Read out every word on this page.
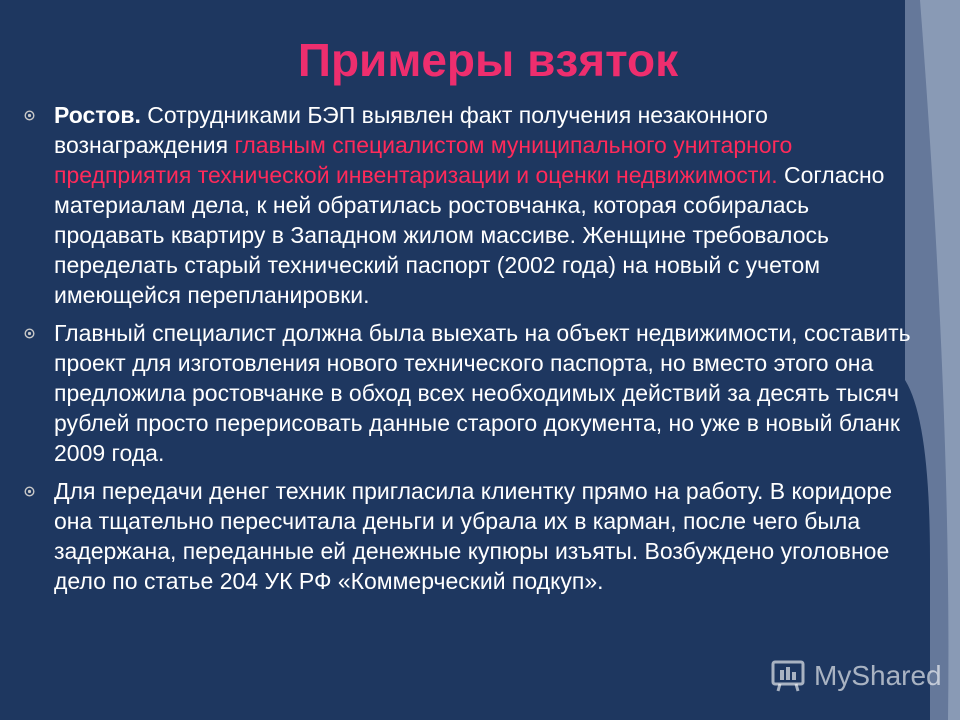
Примеры взяток
Ростов. Сотрудниками БЭП выявлен факт получения незаконного вознаграждения главным специалистом муниципального унитарного предприятия технической инвентаризации и оценки недвижимости. Согласно материалам дела, к ней обратилась ростовчанка, которая собиралась продавать квартиру в Западном жилом массиве. Женщине требовалось переделать старый технический паспорт (2002 года) на новый с учетом имеющейся перепланировки.
Главный специалист должна была выехать на объект недвижимости, составить проект для изготовления нового технического паспорта, но вместо этого она предложила ростовчанке в обход всех необходимых действий за десять тысяч рублей просто перерисовать данные старого документа, но уже в новый бланк 2009 года.
Для передачи денег техник пригласила клиентку прямо на работу. В коридоре она тщательно пересчитала деньги и убрала их в карман, после чего была задержана, переданные ей денежные купюры изъяты. Возбуждено уголовное дело по статье 204 УК РФ «Коммерческий подкуп».
MyShared
